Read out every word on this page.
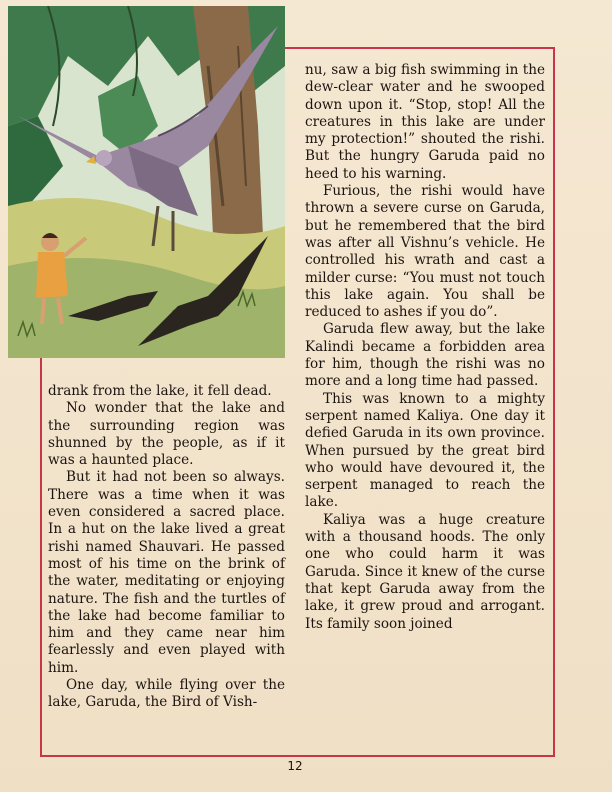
drank from the lake, it fell dead.

No wonder that the lake and the surrounding region was shunned by the people, as if it was a haunted place.

But it had not been so always. There was a time when it was even considered a sacred place. In a hut on the lake lived a great rishi named Shauvari. He passed most of his time on the brink of the water, meditating or enjoying nature. The fish and the turtles of the lake had become familiar to him and they came near him fearlessly and even played with him.

One day, while flying over the lake, Garuda, the Bird of Vish-

nu, saw a big fish swimming in the dew-clear water and he swooped down upon it. “Stop, stop! All the creatures in this lake are under my protection!” shouted the rishi. But the hungry Garuda paid no heed to his warning.

Furious, the rishi would have thrown a severe curse on Garuda, but he remembered that the bird was after all Vishnu’s vehicle. He controlled his wrath and cast a milder curse: “You must not touch this lake again. You shall be reduced to ashes if you do”.

Garuda flew away, but the lake Kalindi became a forbidden area for him, though the rishi was no more and a long time had passed.

This was known to a mighty serpent named Kaliya. One day it defied Garuda in its own province. When pursued by the great bird who would have devoured it, the serpent managed to reach the lake.

Kaliya was a huge creature with a thousand hoods. The only one who could harm it was Garuda. Since it knew of the curse that kept Garuda away from the lake, it grew proud and arrogant. Its family soon joined

12
